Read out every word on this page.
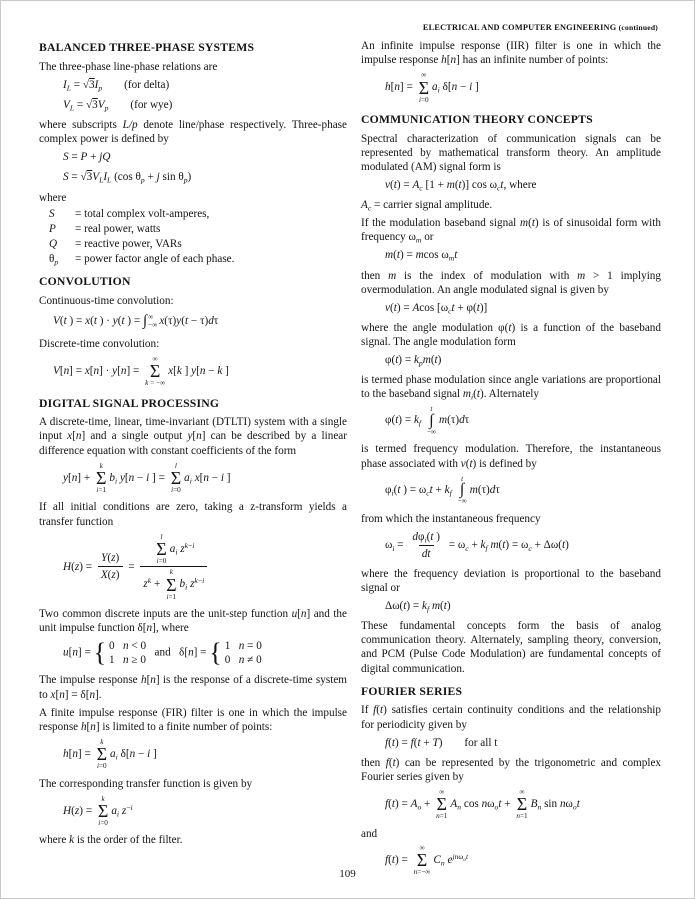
ELECTRICAL AND COMPUTER ENGINEERING (continued)
BALANCED THREE-PHASE SYSTEMS

The three-phase line-phase relations are

$I_L = √3I_p$ (for delta)
$V_L = √3V_p$ (for wye)

where subscripts L/p denote line/phase respectively. Three-phase complex power is defined by

S = P + jQ
$S = √3V_LI_L$ (cos $\theta_p + j$ $\sin \theta_p$)

where

S	= total complex volt-amperes,
P	= real power, watts
Q	= reactive power, VARs
$\theta_p$	= power factor angle of each phase.
CONVOLUTION

Continuous-time convolution:

V(t ) = x(t ) · y(t ) = ∫ ∞
−∞ x(τ)y(t − τ)dτ

Discrete-time convolution:

V[n] = x[n] · y[n] =
∞
Σ
k = −∞
x[k ] y[n − k ]
DIGITAL SIGNAL PROCESSING

A discrete-time, linear, time-invariant (DTLTI) system with a single input x[n] and a single output y[n] can be described by a linear difference equation with constant coefficients of the form

y[n] +
k
Σ
i=1
$b_i$ y[n − i ] =
l
Σ
i=0
$a_i$ x[n − i ]

If all initial conditions are zero, taking a z-transform yields a transfer function

$H(z) = \frac{Y(z)}{X(z)}$ =
l
Σ
i=0
$a_i$ $z^{k-i}$
$z^k$ +
k
Σ
i=1
$b_i$ $z^{k-i}$

Two common discrete inputs are the unit-step function u[n] and the unit impulse function δ[n], where

u[n] = { 0   n < 0
1   n ≥ 0
and   δ[n] = { 1   n = 0
0   n ≠ 0

The impulse response h[n] is the response of a discrete-time system to x[n] = δ[n].

A finite impulse response (FIR) filter is one in which the impulse response h[n] is limited to a finite number of points:

h[n] =
k
Σ
i=0
$a_i$ δ[n − i ]

The corresponding transfer function is given by

H(z) =
k
Σ
i=0
$a_i$ $z^{-i}$

where k is the order of the filter.

An infinite impulse response (IIR) filter is one in which the impulse response h[n] has an infinite number of points:

h[n] =
∞
Σ
i=0
$a_i$ δ[n − i ]
COMMUNICATION THEORY CONCEPTS

Spectral characterization of communication signals can be represented by mathematical transform theory. An amplitude modulated (AM) signal form is

$v(t) = A_c$ [1 + m(t)] $\cos \omega_ct$, where

$A_c$ = carrier signal amplitude.

If the modulation baseband signal m(t) is of sinusoidal form with frequency $\omega_m$ or

m(t) = mcos $\omega_mt$

then m is the index of modulation with m > 1 implying overmodulation. An angle modulated signal is given by

v(t) = Acos $[\omega_ct + \varphi(t)]$

where the angle modulation φ(t) is a function of the baseband signal. The angle modulation form

$\varphi(t) = k_pm(t)$

is termed phase modulation since angle variations are proportional to the baseband signal $m_i(t)$. Alternately

$\varphi(t) = k_f$
t
∫
−∞
m(τ)dτ

is termed frequency modulation. Therefore, the instantaneous phase associated with v(t) is defined by

$\varphi_i(t$ ) = $\omega_ct + k_f$
t
∫
−∞
m(τ)dτ

from which the instantaneous frequency

$\omega_i$ =
$d\varphi_i(t$ )
dt
= $\omega_c + k_f$ $m(t) = \omega_c + \Delta\omega(t)$

where the frequency deviation is proportional to the baseband signal or

$\Delta\omega(t) = k_f$ m(t)

These fundamental concepts form the basis of analog communication theory. Alternately, sampling theory, conversion, and PCM (Pulse Code Modulation) are fundamental concepts of digital communication.

FOURIER SERIES

If f(t) satisfies certain continuity conditions and the relationship for periodicity given by

f(t) = f(t + T) for all t

then f(t) can be represented by the trigonometric and complex Fourier series given by

$f(t) = A_o$ +
∞
Σ
n=1
$A_n$ $\cos n\omega_ot$ +
∞
Σ
n=1
$B_n$ $\sin n\omega_ot$

and

f(t) =
∞
Σ
n=−∞
$C_n$ $e^{jn\omega_ot}$
109
